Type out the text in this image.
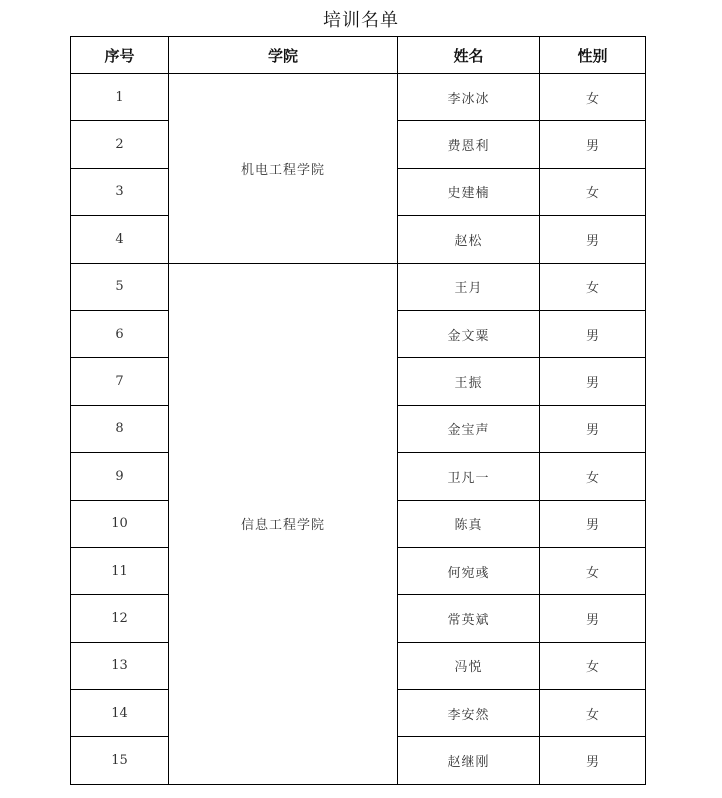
培训名单
序号	学院	姓名	性别
1	机电工程学院	李冰冰	女
2		费恩利	男
3		史建楠	女
4		赵松	男
5	信息工程学院	王月	女
6		金文粟	男
7		王振	男
8		金宝声	男
9		卫凡一	女
10		陈真	男
11		何宛彧	女
12		常英斌	男
13		冯悦	女
14		李安然	女
15		赵继刚	男
